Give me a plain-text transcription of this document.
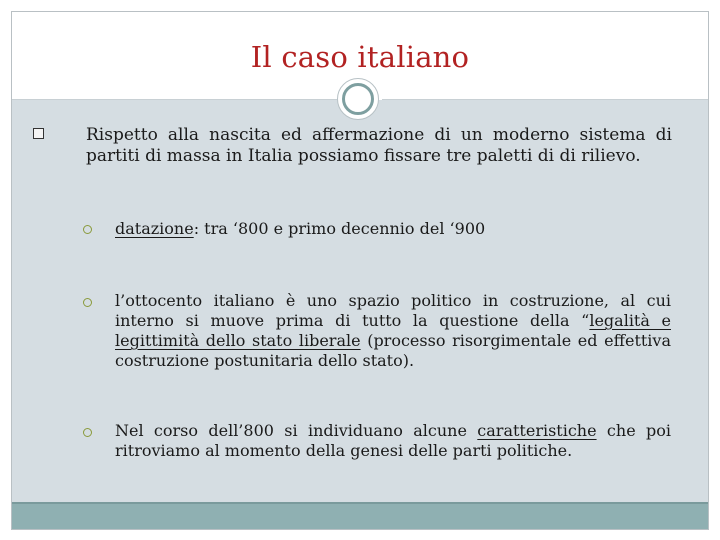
Il caso italiano
Rispetto alla nascita ed affermazione di un moderno sistema di partiti di massa in Italia possiamo fissare tre paletti di di rilievo.
datazione: tra ‘800 e primo decennio del ‘900
l’ottocento italiano è uno spazio politico in costruzione, al cui interno si muove prima di tutto la questione della “legalità e legittimità dello stato liberale (processo risorgimentale ed effettiva costruzione postunitaria dello stato).
Nel corso dell’800 si individuano alcune caratteristiche che poi ritroviamo al momento della genesi delle parti politiche.
